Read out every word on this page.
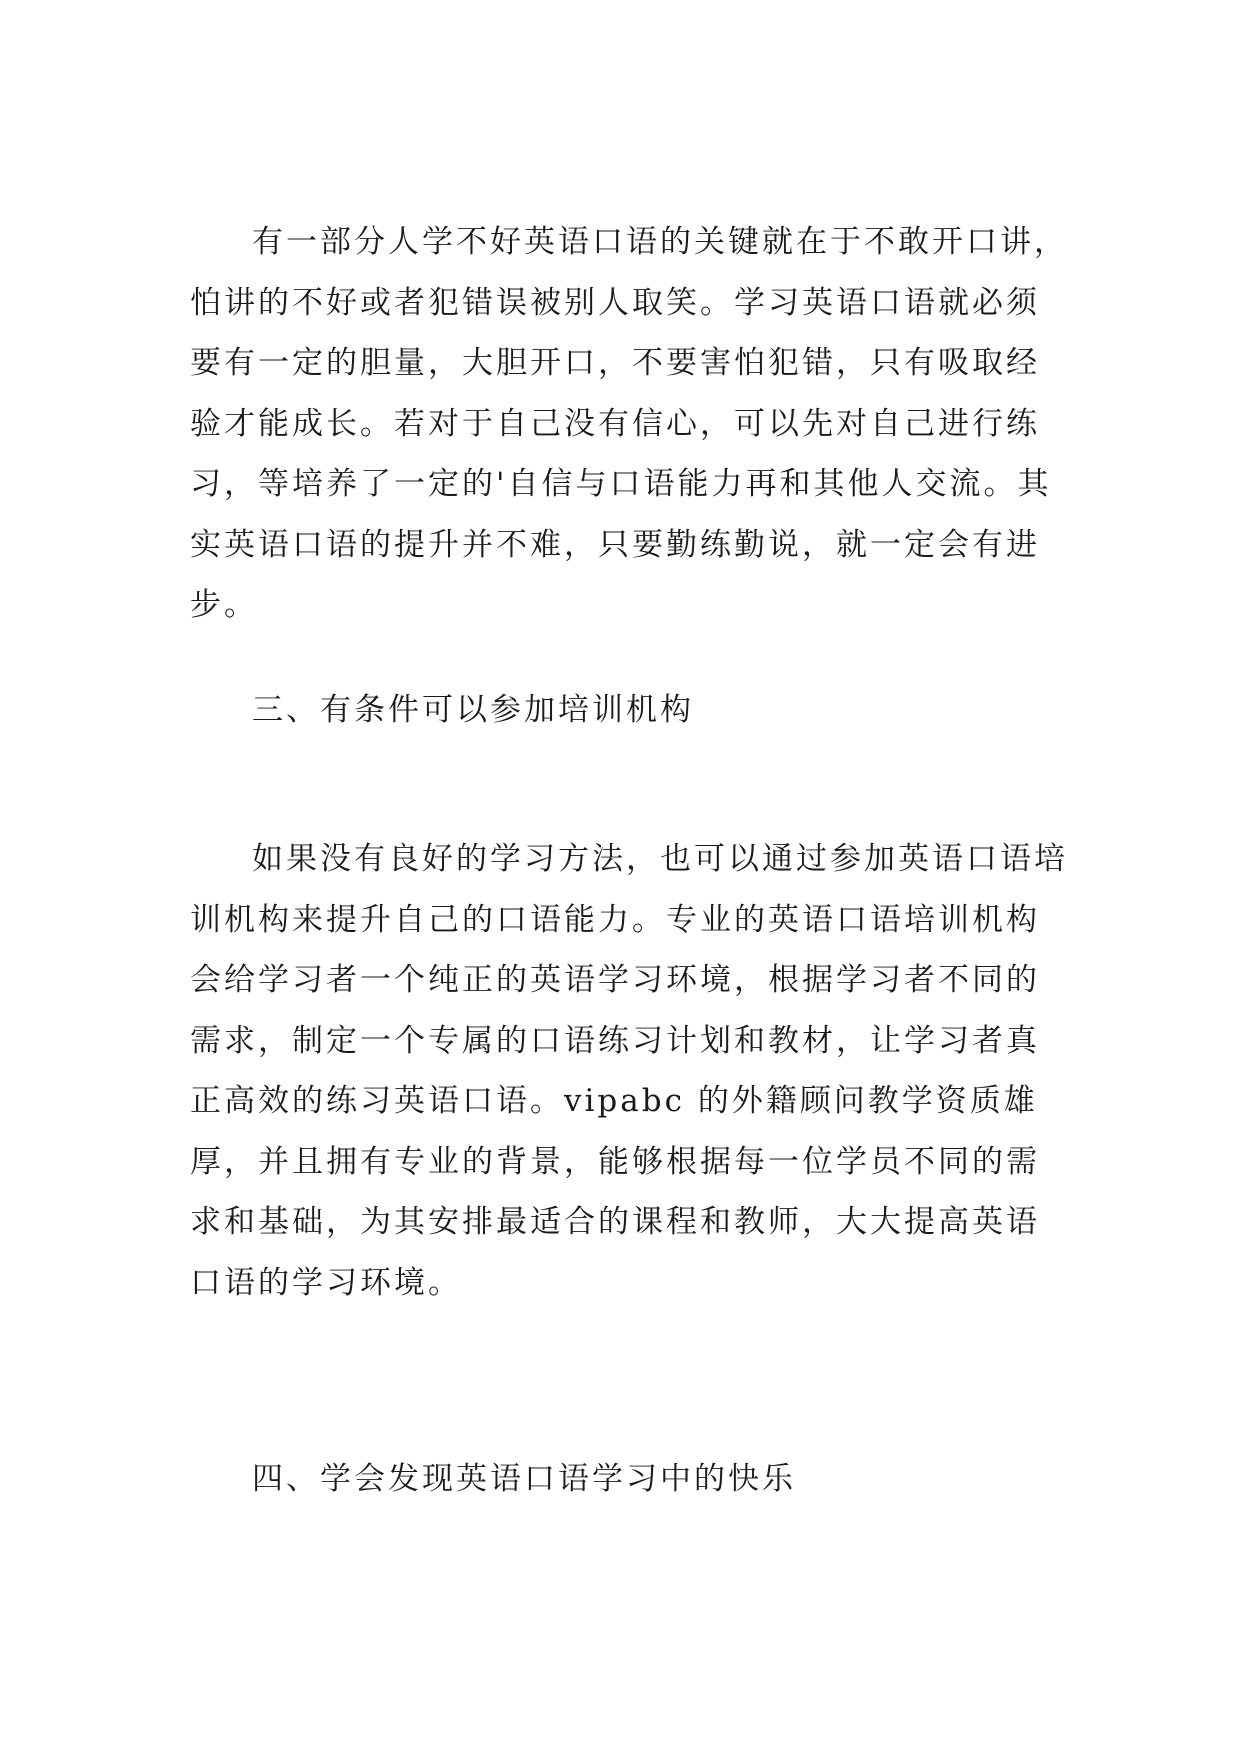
有一部分人学不好英语口语的关键就在于不敢开口讲，怕讲的不好或者犯错误被别人取笑。学习英语口语就必须要有一定的胆量，大胆开口，不要害怕犯错，只有吸取经验才能成长。若对于自己没有信心，可以先对自己进行练习，等培养了一定的'自信与口语能力再和其他人交流。其实英语口语的提升并不难，只要勤练勤说，就一定会有进步。

三、有条件可以参加培训机构

如果没有良好的学习方法，也可以通过参加英语口语培训机构来提升自己的口语能力。专业的英语口语培训机构会给学习者一个纯正的英语学习环境，根据学习者不同的需求，制定一个专属的口语练习计划和教材，让学习者真正高效的练习英语口语。vipabc 的外籍顾问教学资质雄厚，并且拥有专业的背景，能够根据每一位学员不同的需求和基础，为其安排最适合的课程和教师，大大提高英语口语的学习环境。

四、学会发现英语口语学习中的快乐
